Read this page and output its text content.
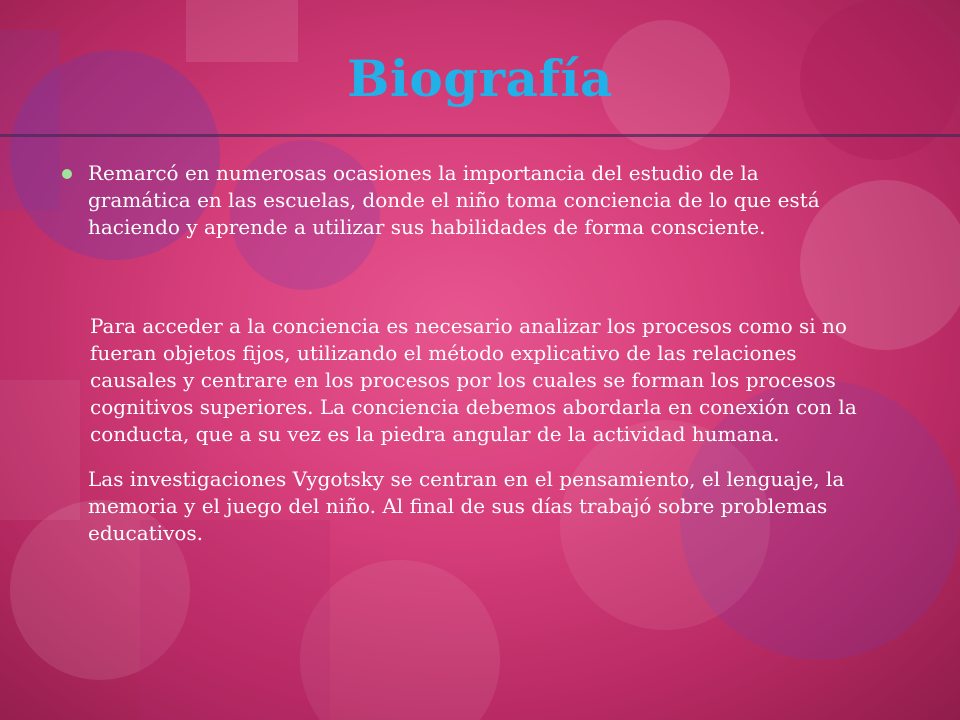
Biografía
Remarcó en numerosas ocasiones la importancia del estudio de la
gramática en las escuelas, donde el niño toma conciencia de lo que está
haciendo y aprende a utilizar sus habilidades de forma consciente.

Para acceder a la conciencia es necesario analizar los procesos como si no
fueran objetos fijos, utilizando el método explicativo de las relaciones
causales y centrare en los procesos por los cuales se forman los procesos
cognitivos superiores. La conciencia debemos abordarla en conexión con la
conducta, que a su vez es la piedra angular de la actividad humana.

Las investigaciones Vygotsky se centran en el pensamiento, el lenguaje, la
memoria y el juego del niño. Al final de sus días trabajó sobre problemas
educativos.
